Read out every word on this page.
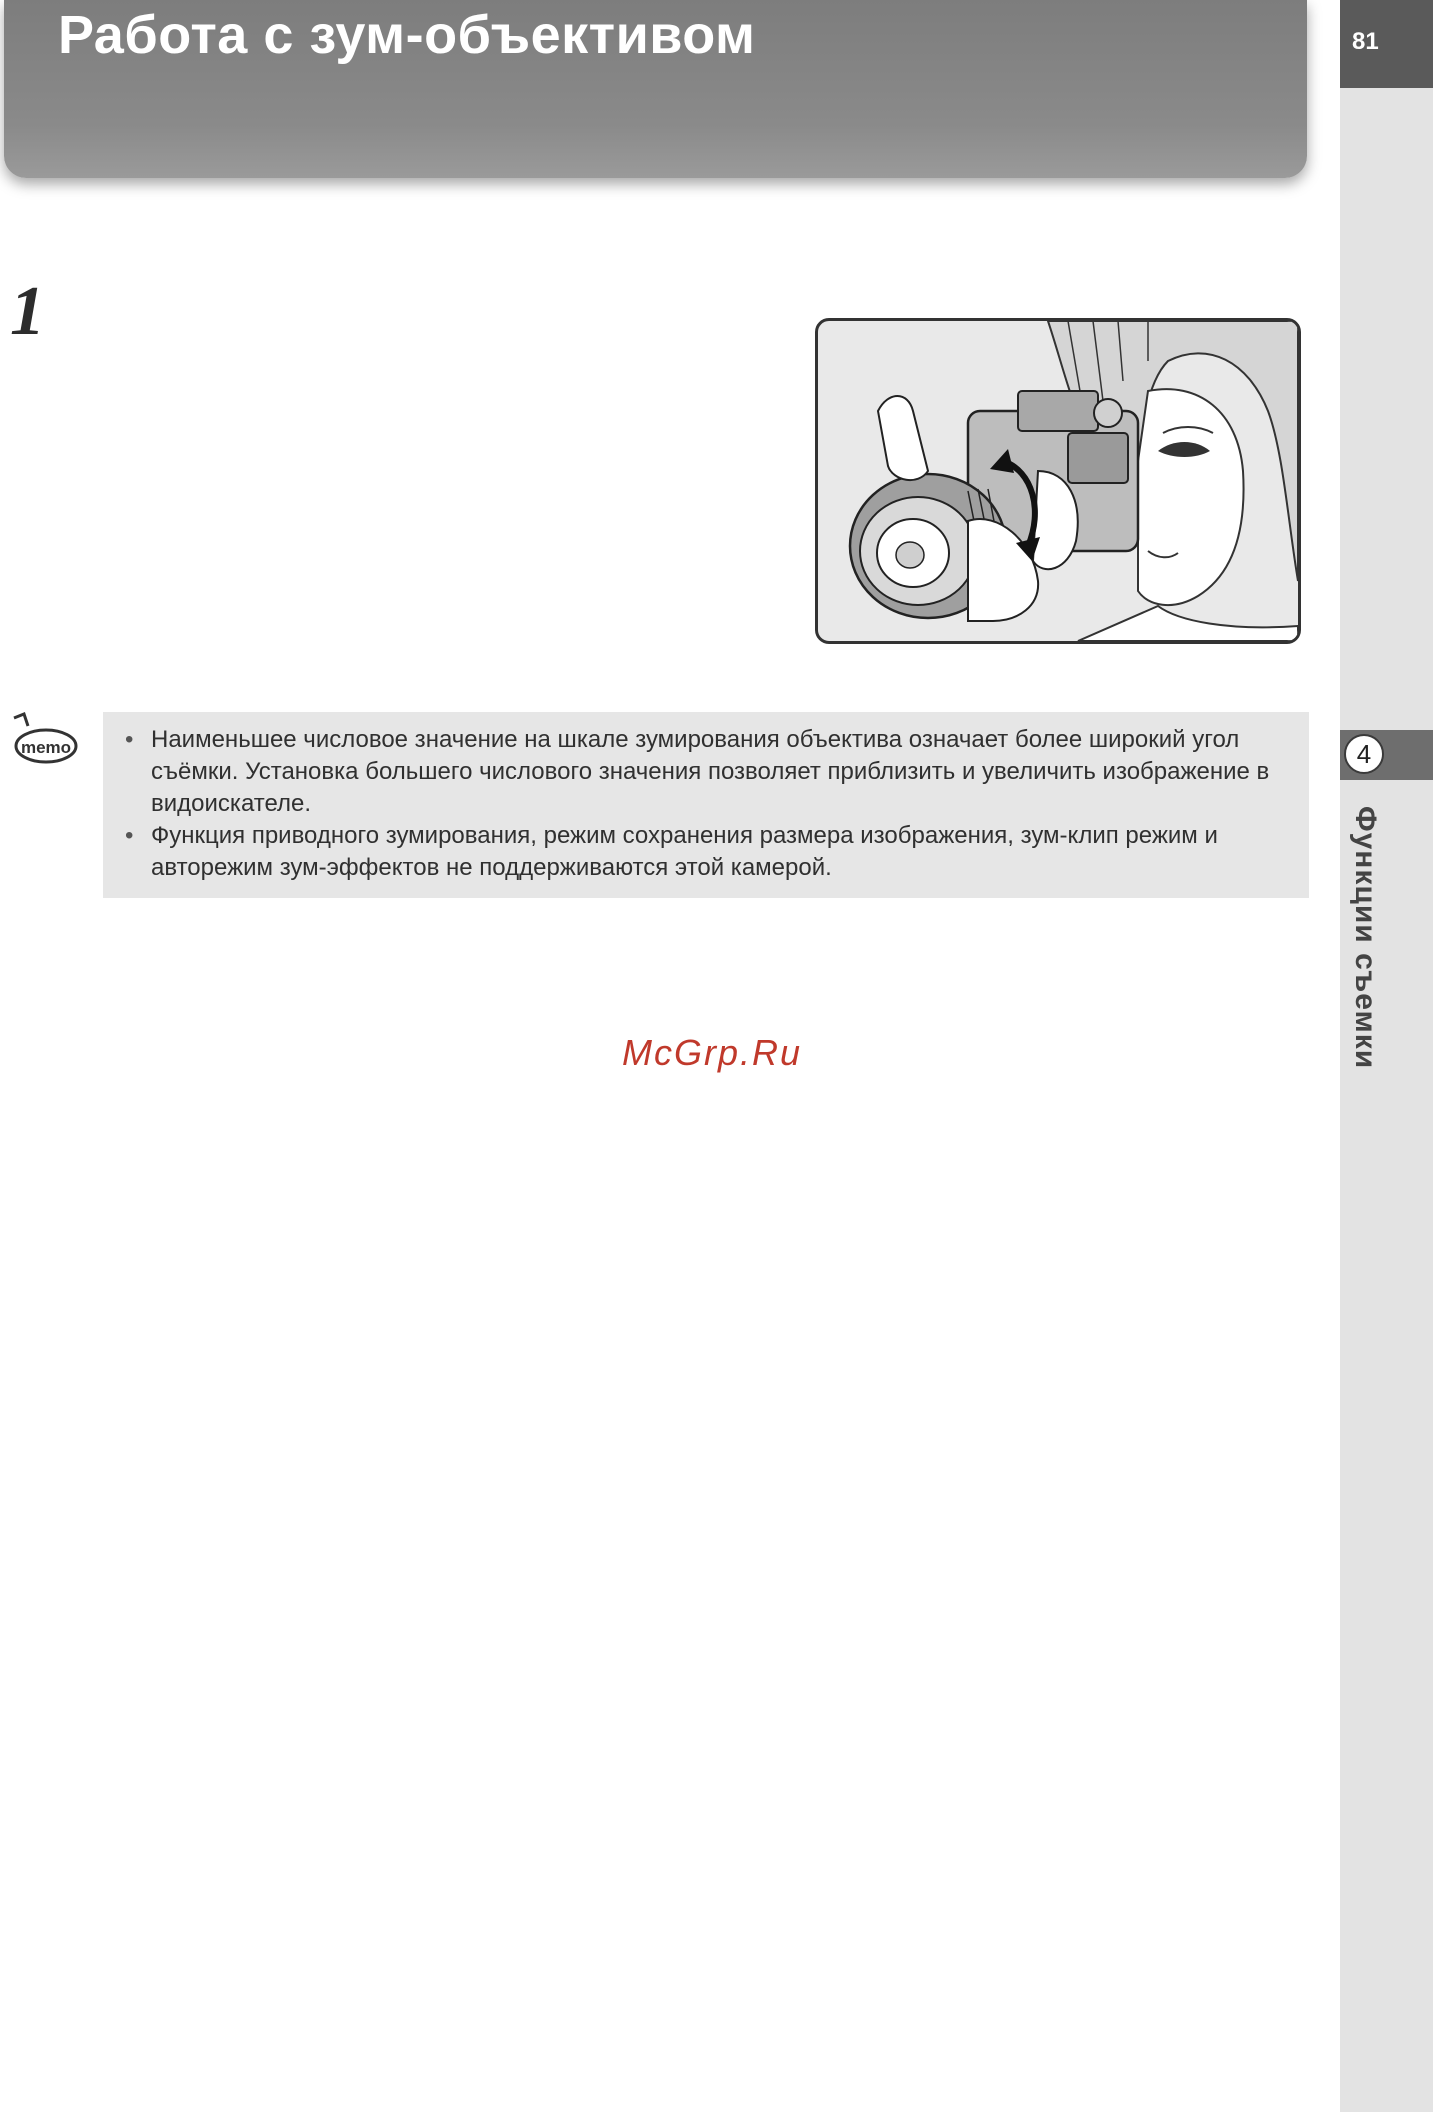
Работа с зум-объективом	81
4
Функции съемки
1
memo
•	Наименьшее числовое значение на шкале зумирования объектива означает более широкий угол съёмки. Установка большего числового значения позволяет приблизить и увеличить изображение в видоискателе.
• Функция приводного зумирования, режим сохранения размера изображения, зум-клип режим и авторежим зум-эффектов не поддерживаются этой камерой.
McGrp.Ru
